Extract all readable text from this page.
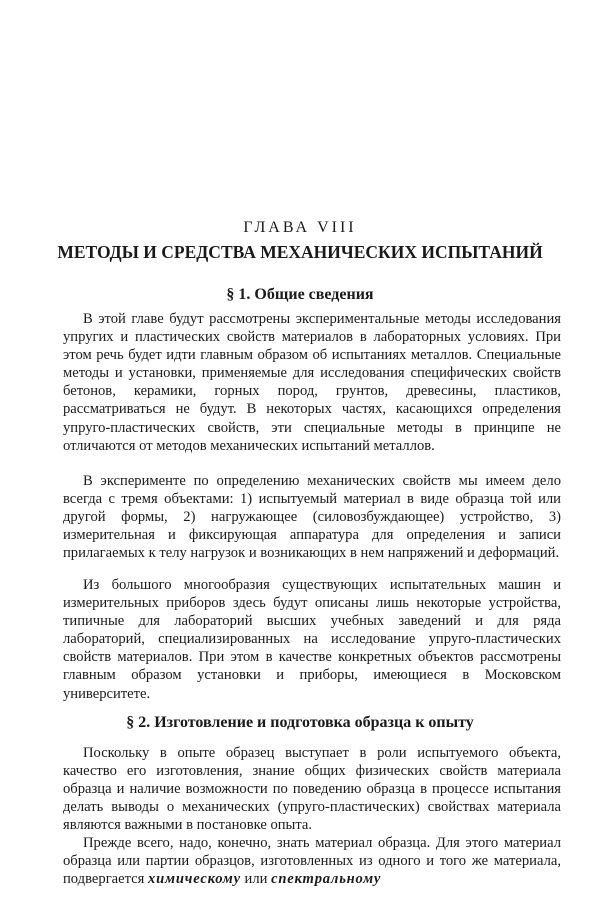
ГЛАВА VIII
МЕТОДЫ И СРЕДСТВА МЕХАНИЧЕСКИХ ИСПЫТАНИЙ
§ 1. Общие сведения

В этой главе будут рассмотрены экспериментальные методы исследования упругих и пластических свойств материалов в лабораторных условиях. При этом речь будет идти главным образом об испытаниях металлов. Специальные методы и установки, применяемые для исследования специфических свойств бетонов, керамики, горных пород, грунтов, древесины, пластиков, рассматриваться не будут. В некоторых частях, касающихся определения упруго-пластических свойств, эти специальные методы в принципе не отличаются от методов механических испытаний металлов.

В эксперименте по определению механических свойств мы имеем дело всегда с тремя объектами: 1) испытуемый материал в виде образца той или другой формы, 2) нагружающее (силовозбуждающее) устройство, 3) измерительная и фиксирующая аппаратура для определения и записи прилагаемых к телу нагрузок и возникающих в нем напряжений и деформаций.

Из большого многообразия существующих испытательных машин и измерительных приборов здесь будут описаны лишь некоторые устройства, типичные для лабораторий высших учебных заведений и для ряда лабораторий, специализированных на исследование упруго-пластических свойств материалов. При этом в качестве конкретных объектов рассмотрены главным образом установки и приборы, имеющиеся в Московском университете.

§ 2. Изготовление и подготовка образца к опыту

Поскольку в опыте образец выступает в роли испытуемого объекта, качество его изготовления, знание общих физических свойств материала образца и наличие возможности по поведению образца в процессе испытания делать выводы о механических (упруго-пластических) свойствах материала являются важными в постановке опыта.

Прежде всего, надо, конечно, знать материал образца. Для этого материал образца или партии образцов, изготовленных из одного и того же материала, подвергается химическому или спектральному
